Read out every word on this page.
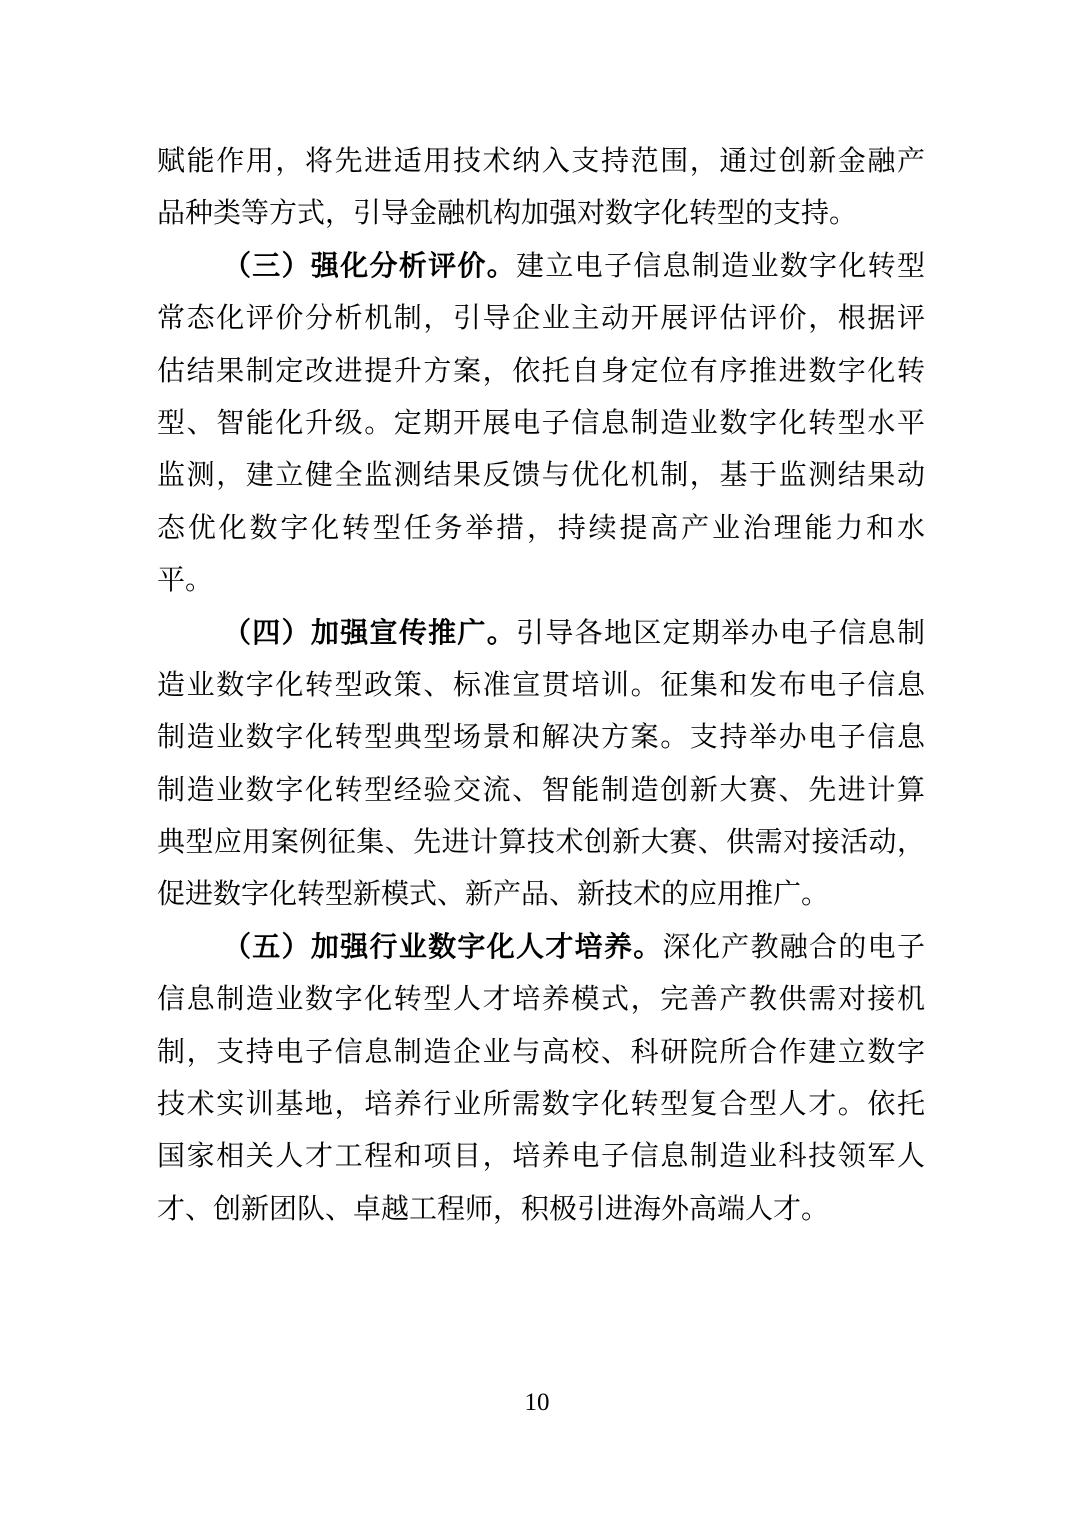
赋能作用，将先进适用技术纳入支持范围，通过创新金融产
品种类等方式，引导金融机构加强对数字化转型的支持。
（三）强化分析评价。建立电子信息制造业数字化转型
常态化评价分析机制，引导企业主动开展评估评价，根据评
估结果制定改进提升方案，依托自身定位有序推进数字化转
型、智能化升级。定期开展电子信息制造业数字化转型水平
监测，建立健全监测结果反馈与优化机制，基于监测结果动
态优化数字化转型任务举措，持续提高产业治理能力和水
平。
（四）加强宣传推广。引导各地区定期举办电子信息制
造业数字化转型政策、标准宣贯培训。征集和发布电子信息
制造业数字化转型典型场景和解决方案。支持举办电子信息
制造业数字化转型经验交流、智能制造创新大赛、先进计算
典型应用案例征集、先进计算技术创新大赛、供需对接活动，
促进数字化转型新模式、新产品、新技术的应用推广。
（五）加强行业数字化人才培养。深化产教融合的电子
信息制造业数字化转型人才培养模式，完善产教供需对接机
制，支持电子信息制造企业与高校、科研院所合作建立数字
技术实训基地，培养行业所需数字化转型复合型人才。依托
国家相关人才工程和项目，培养电子信息制造业科技领军人
才、创新团队、卓越工程师，积极引进海外高端人才。
10
